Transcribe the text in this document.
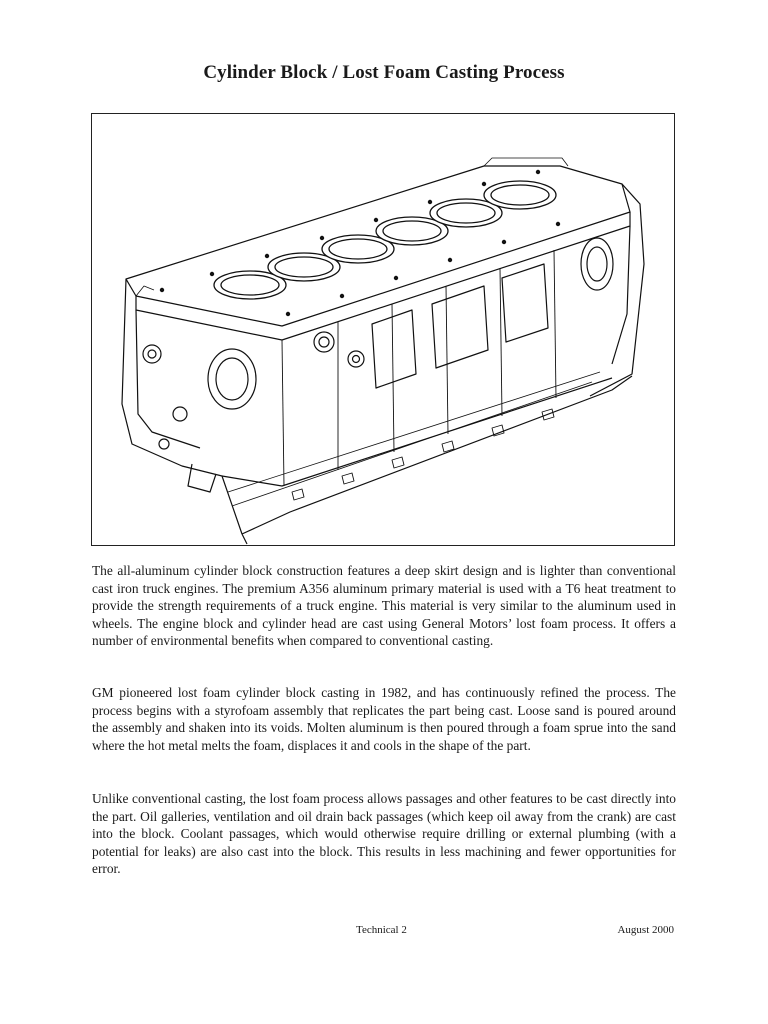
Cylinder Block / Lost Foam Casting Process

The all-aluminum cylinder block construction features a deep skirt design and is lighter than conventional cast iron truck engines. The premium A356 aluminum primary material is used with a T6 heat treatment to provide the strength requirements of a truck engine. This material is very similar to the aluminum used in wheels. The engine block and cylinder head are cast using General Motors’ lost foam process. It offers a number of environmental benefits when compared to conventional casting.

GM pioneered lost foam cylinder block casting in 1982, and has continuously refined the process. The process begins with a styrofoam assembly that replicates the part being cast. Loose sand is poured around the assembly and shaken into its voids. Molten aluminum is then poured through a foam sprue into the sand where the hot metal melts the foam, displaces it and cools in the shape of the part.

Unlike conventional casting, the lost foam process allows passages and other features to be cast directly into the part. Oil galleries, ventilation and oil drain back passages (which keep oil away from the crank) are cast into the block. Coolant passages, which would otherwise require drilling or external plumbing (with a potential for leaks) are also cast into the block. This results in less machining and fewer opportunities for error.

Technical 2	August 2000
